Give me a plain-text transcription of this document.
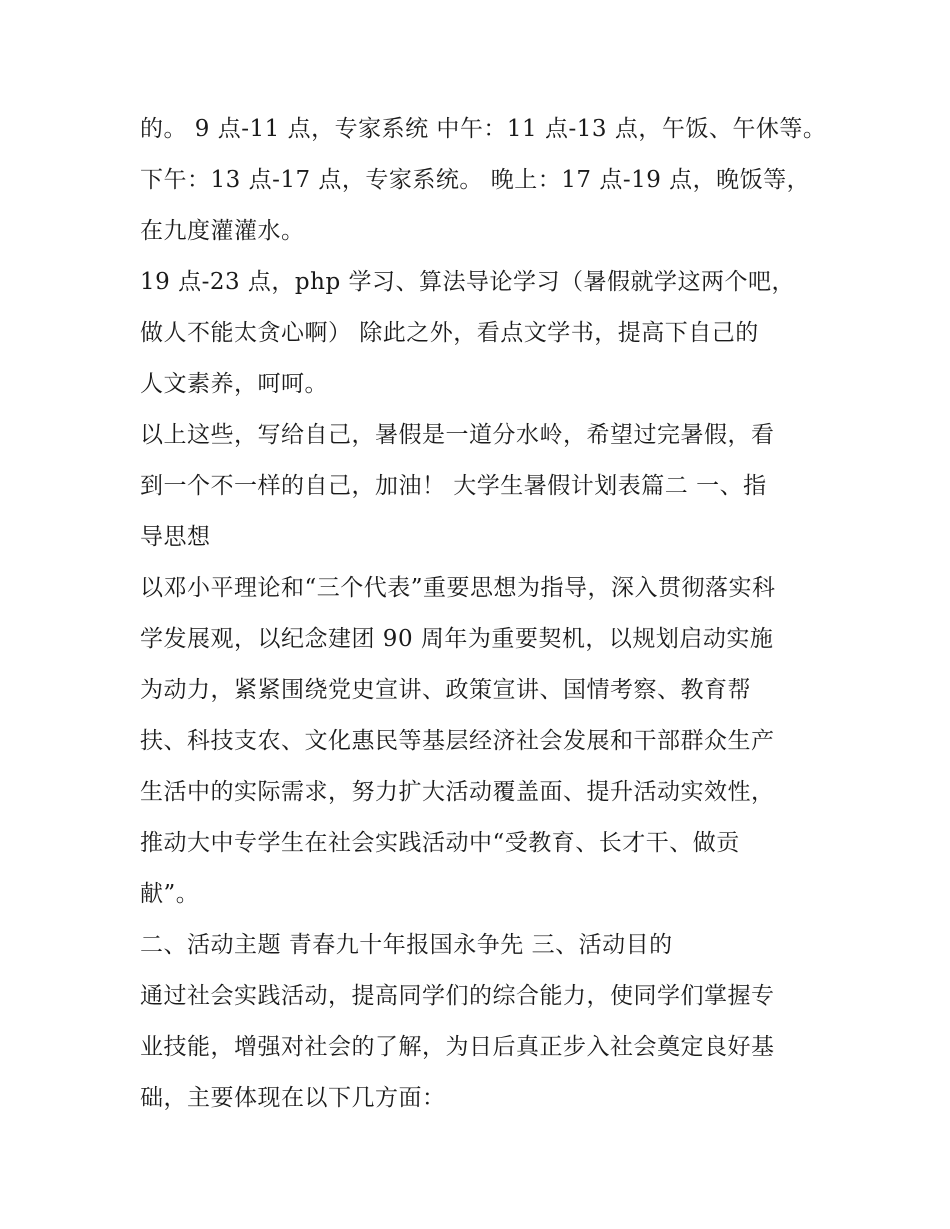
的。 9 点-11 点，专家系统 中午：11 点-13 点，午饭、午休等。
下午：13 点-17 点，专家系统。 晚上：17 点-19 点，晚饭等，
在九度灌灌水。
19 点-23 点，php 学习、算法导论学习（暑假就学这两个吧，
做人不能太贪心啊） 除此之外，看点文学书，提高下自己的
人文素养，呵呵。
以上这些，写给自己，暑假是一道分水岭，希望过完暑假，看
到一个不一样的自己，加油！ 大学生暑假计划表篇二 一、指
导思想
以邓小平理论和“三个代表”重要思想为指导，深入贯彻落实科
学发展观，以纪念建团 90 周年为重要契机，以规划启动实施
为动力，紧紧围绕党史宣讲、政策宣讲、国情考察、教育帮
扶、科技支农、文化惠民等基层经济社会发展和干部群众生产
生活中的实际需求，努力扩大活动覆盖面、提升活动实效性，
推动大中专学生在社会实践活动中“受教育、长才干、做贡
献”。
二、活动主题 青春九十年报国永争先 三、活动目的
通过社会实践活动，提高同学们的综合能力，使同学们掌握专
业技能，增强对社会的了解，为日后真正步入社会奠定良好基
础，主要体现在以下几方面：
